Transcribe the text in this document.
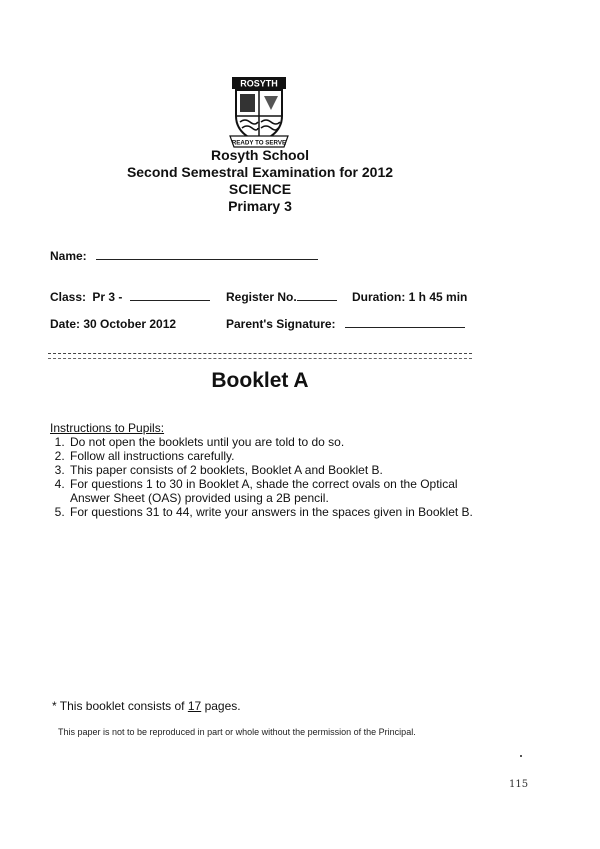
ROSYTH
READY TO SERVE
Rosyth School
Second Semestral Examination for 2012
SCIENCE
Primary 3
Name:
Class: Pr 3 -	Register No.	Duration: 1 h 45 min
Date: 30 October 2012	Parent's Signature:
Booklet A
Instructions to Pupils:
1. Do not open the booklets until you are told to do so.
2. Follow all instructions carefully.
3. This paper consists of 2 booklets, Booklet A and Booklet B.
4. For questions 1 to 30 in Booklet A, shade the correct ovals on the Optical Answer Sheet (OAS) provided using a 2B pencil.
5. For questions 31 to 44, write your answers in the spaces given in Booklet B.
* This booklet consists of 17 pages.
This paper is not to be reproduced in part or whole without the permission of the Principal.
115
